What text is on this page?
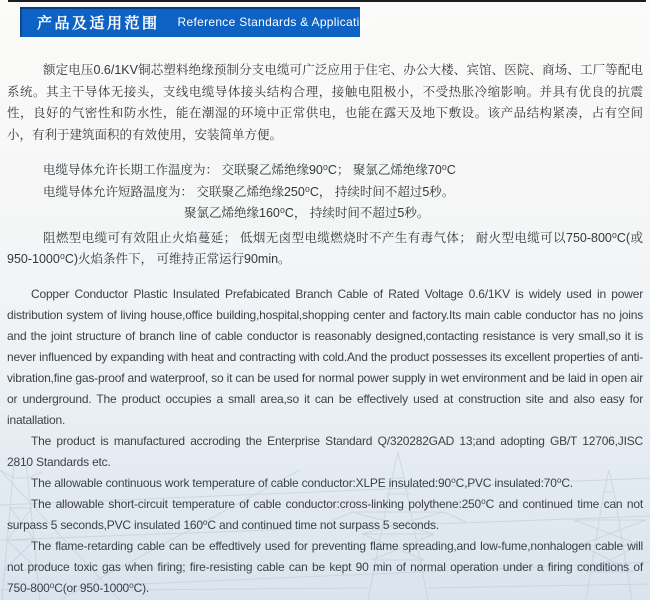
产品及适用范围 Reference Standards & Application

额定电压0.6/1KV铜芯塑料绝缘预制分支电缆可广泛应用于住宅、办公大楼、宾馆、医院、商场、工厂等配电系统。其主干导体无接头，支线电缆导体接头结构合理，接触电阻极小，不受热胀冷缩影响。并具有优良的抗震性，良好的气密性和防水性，能在潮湿的环境中正常供电，也能在露天及地下敷设。该产品结构紧凑，占有空间小，有利于建筑面积的有效使用，安装简单方便。

电缆导体允许长期工作温度为： 交联聚乙烯绝缘90⁰C； 聚氯乙烯绝缘70⁰C
电缆导体允许短路温度为： 交联聚乙烯绝缘250⁰C， 持续时间不超过5秒。
聚氯乙烯绝缘160⁰C， 持续时间不超过5秒。

阻燃型电缆可有效阻止火焰蔓延； 低烟无卤型电缆燃烧时不产生有毒气体； 耐火型电缆可以750-800⁰C(或950-1000⁰C)火焰条件下， 可维持正常运行90min。

Copper Conductor Plastic Insulated Prefabicated Branch Cable of Rated Voltage 0.6/1KV is widely used in power distribution system of living house,office building,hospital,shopping center and factory.Its main cable conductor has no joins and the joint structure of branch line of cable conductor is reasonably designed,contacting resistance is very small,so it is never influenced by expanding with heat and contracting with cold.And the product possesses its excellent properties of anti-vibration,fine gas-proof and waterproof, so it can be used for normal power supply in wet environment and be laid in open air or underground. The product occupies a small area,so it can be effectively used at construction site and also easy for inatallation.

The product is manufactured accroding the Enterprise Standard Q/320282GAD 13;and adopting GB/T 12706,JISC 2810 Standards etc.

The allowable continuous work temperature of cable conductor:XLPE insulated:90⁰C,PVC insulated:70⁰C.

The allowable short-circuit temperature of cable conductor:cross-linking polythene:250⁰C and continued time can not surpass 5 seconds,PVC insulated 160⁰C and continued time not surpass 5 seconds.

The flame-retarding cable can be effedtively used for preventing flame spreading,and low-fume,nonhalogen cable will not produce toxic gas when firing; fire-resisting cable can be kept 90 min of normal operation under a firing conditions of 750-800⁰C(or 950-1000⁰C).
